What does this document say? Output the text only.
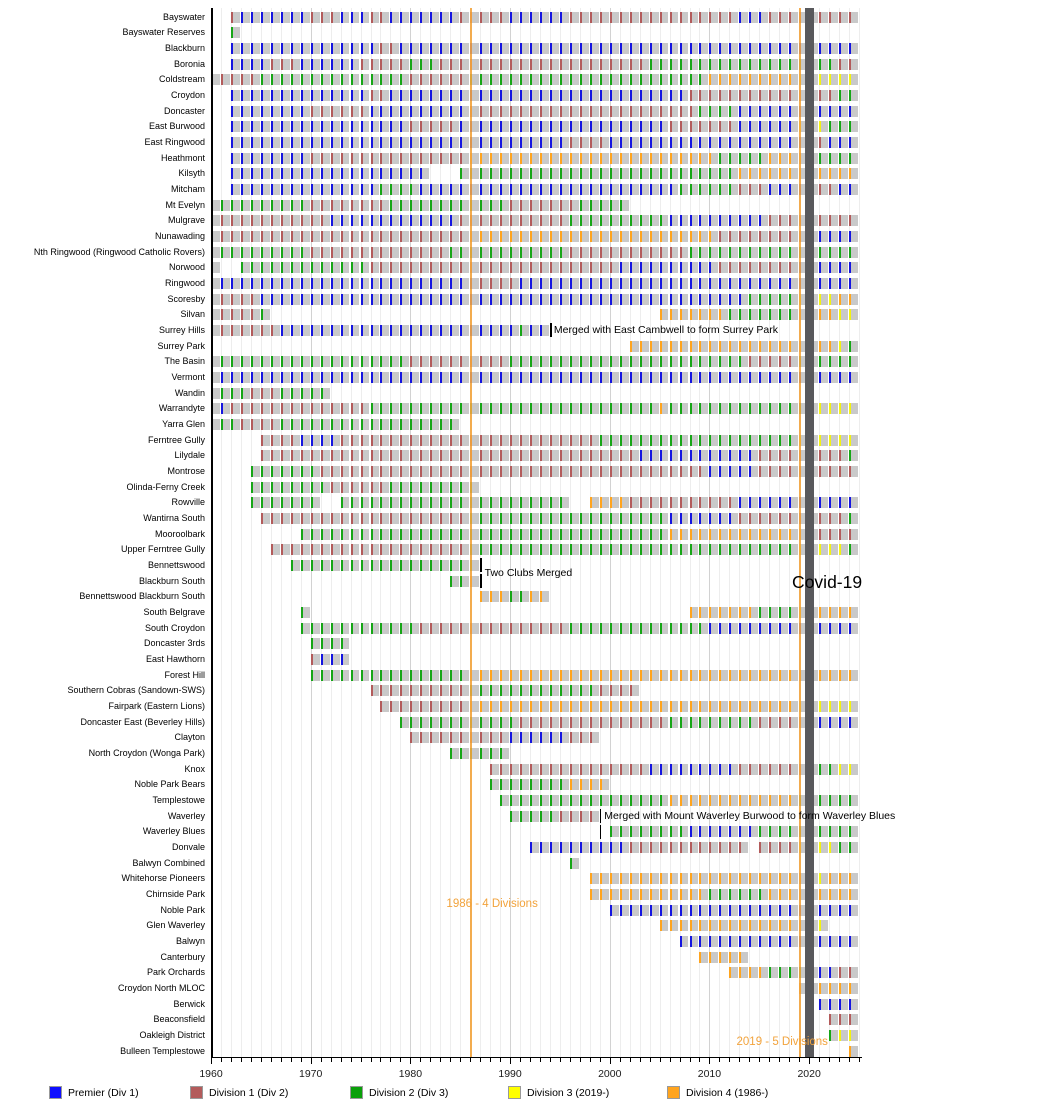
Bayswater
Bayswater Reserves
Blackburn
Boronia
Coldstream
Croydon
Doncaster
East Burwood
East Ringwood
Heathmont
Kilsyth
Mitcham
Mt Evelyn
Mulgrave
Nunawading
Nth Ringwood (Ringwood Catholic Rovers)
Norwood
Ringwood
Scoresby
Silvan
Surrey Hills
Surrey Park
The Basin
Vermont
Wandin
Warrandyte
Yarra Glen
Ferntree Gully
Lilydale
Montrose
Olinda-Ferny Creek
Rowville
Wantirna South
Mooroolbark
Upper Ferntree Gully
Bennettswood
Blackburn South
Bennettswood Blackburn South
South Belgrave
South Croydon
Doncaster 3rds
East Hawthorn
Forest Hill
Southern Cobras (Sandown-SWS)
Fairpark (Eastern Lions)
Doncaster East (Beverley Hills)
Clayton
North Croydon (Wonga Park)
Knox
Noble Park Bears
Templestowe
Waverley
Waverley Blues
Donvale
Balwyn Combined
Whitehorse Pioneers
Chirnside Park
Noble Park
Glen Waverley
Balwyn
Canterbury
Park Orchards
Croydon North MLOC
Berwick
Beaconsfield
Oakleigh District
Bulleen Templestowe
Merged with East Cambwell to form Surrey Park
Two Clubs Merged	Covid-19
Merged with Mount Waverley Burwood to form Waverley Blues
1986 - 4 Divisions
2019 - 5 Divisions
1960	1970	1980	1990	2000	2010	2020
Premier (Div 1)	Division 1 (Div 2)	Division 2 (Div 3)	Division 3 (2019-)	Division 4 (1986-)
